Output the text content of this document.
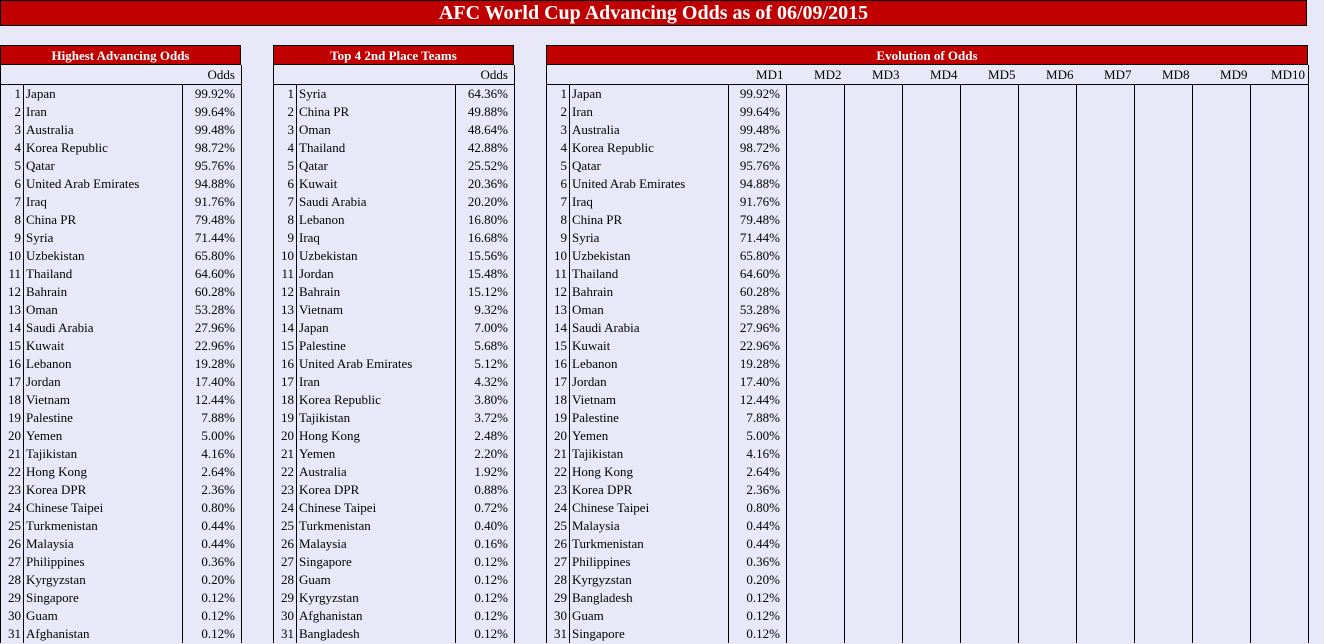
AFC World Cup Advancing Odds as of 06/09/2015
Highest Advancing Odds
		Odds
1	Japan	99.92%
2	Iran	99.64%
3	Australia	99.48%
4	Korea Republic	98.72%
5	Qatar	95.76%
6	United Arab Emirates	94.88%
7	Iraq	91.76%
8	China PR	79.48%
9	Syria	71.44%
10	Uzbekistan	65.80%
11	Thailand	64.60%
12	Bahrain	60.28%
13	Oman	53.28%
14	Saudi Arabia	27.96%
15	Kuwait	22.96%
16	Lebanon	19.28%
17	Jordan	17.40%
18	Vietnam	12.44%
19	Palestine	7.88%
20	Yemen	5.00%
21	Tajikistan	4.16%
22	Hong Kong	2.64%
23	Korea DPR	2.36%
24	Chinese Taipei	0.80%
25	Turkmenistan	0.44%
26	Malaysia	0.44%
27	Philippines	0.36%
28	Kyrgyzstan	0.20%
29	Singapore	0.12%
30	Guam	0.12%
31	Afghanistan	0.12%
Top 4 2nd Place Teams
		Odds
1	Syria	64.36%
2	China PR	49.88%
3	Oman	48.64%
4	Thailand	42.88%
5	Qatar	25.52%
6	Kuwait	20.36%
7	Saudi Arabia	20.20%
8	Lebanon	16.80%
9	Iraq	16.68%
10	Uzbekistan	15.56%
11	Jordan	15.48%
12	Bahrain	15.12%
13	Vietnam	9.32%
14	Japan	7.00%
15	Palestine	5.68%
16	United Arab Emirates	5.12%
17	Iran	4.32%
18	Korea Republic	3.80%
19	Tajikistan	3.72%
20	Hong Kong	2.48%
21	Yemen	2.20%
22	Australia	1.92%
23	Korea DPR	0.88%
24	Chinese Taipei	0.72%
25	Turkmenistan	0.40%
26	Malaysia	0.16%
27	Singapore	0.12%
28	Guam	0.12%
29	Kyrgyzstan	0.12%
30	Afghanistan	0.12%
31	Bangladesh	0.12%
Evolution of Odds
		MD1	MD2	MD3	MD4	MD5	MD6	MD7	MD8	MD9	MD10
1	Japan	99.92%									
2	Iran	99.64%									
3	Australia	99.48%									
4	Korea Republic	98.72%									
5	Qatar	95.76%									
6	United Arab Emirates	94.88%									
7	Iraq	91.76%									
8	China PR	79.48%									
9	Syria	71.44%									
10	Uzbekistan	65.80%									
11	Thailand	64.60%									
12	Bahrain	60.28%									
13	Oman	53.28%									
14	Saudi Arabia	27.96%									
15	Kuwait	22.96%									
16	Lebanon	19.28%									
17	Jordan	17.40%									
18	Vietnam	12.44%									
19	Palestine	7.88%									
20	Yemen	5.00%									
21	Tajikistan	4.16%									
22	Hong Kong	2.64%									
23	Korea DPR	2.36%									
24	Chinese Taipei	0.80%									
25	Malaysia	0.44%									
26	Turkmenistan	0.44%									
27	Philippines	0.36%									
28	Kyrgyzstan	0.20%									
29	Bangladesh	0.12%									
30	Guam	0.12%									
31	Singapore	0.12%									
